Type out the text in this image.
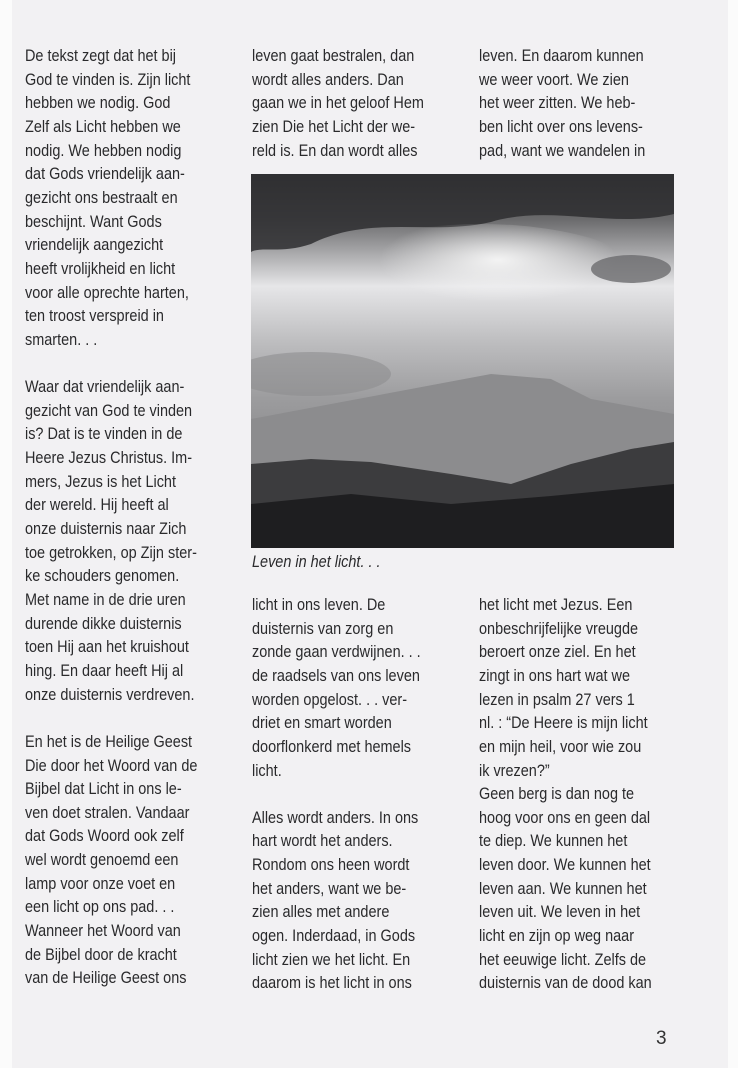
De tekst zegt dat het bij
God te vinden is. Zijn licht
hebben we nodig. God
Zelf als Licht hebben we
nodig. We hebben nodig
dat Gods vriendelijk aan-
gezicht ons bestraalt en
beschijnt. Want Gods
vriendelijk aangezicht
heeft vrolijkheid en licht
voor alle oprechte harten,
ten troost verspreid in
smarten. . .
Waar dat vriendelijk aan-
gezicht van God te vinden
is? Dat is te vinden in de
Heere Jezus Christus. Im-
mers, Jezus is het Licht
der wereld. Hij heeft al
onze duisternis naar Zich
toe getrokken, op Zijn ster-
ke schouders genomen.
Met name in de drie uren
durende dikke duisternis
toen Hij aan het kruishout
hing. En daar heeft Hij al
onze duisternis verdreven.
En het is de Heilige Geest
Die door het Woord van de
Bijbel dat Licht in ons le-
ven doet stralen. Vandaar
dat Gods Woord ook zelf
wel wordt genoemd een
lamp voor onze voet en
een licht op ons pad. . .
Wanneer het Woord van
de Bijbel door de kracht
van de Heilige Geest ons
leven gaat bestralen, dan
wordt alles anders. Dan
gaan we in het geloof Hem
zien Die het Licht der we-
reld is. En dan wordt alles
licht in ons leven. De
duisternis van zorg en
zonde gaan verdwijnen. . .
de raadsels van ons leven
worden opgelost. . . ver-
driet en smart worden
doorflonkerd met hemels
licht.
Alles wordt anders. In ons
hart wordt het anders.
Rondom ons heen wordt
het anders, want we be-
zien alles met andere
ogen. Inderdaad, in Gods
licht zien we het licht. En
daarom is het licht in ons
leven. En daarom kunnen
we weer voort. We zien
het weer zitten. We heb-
ben licht over ons levens-
pad, want we wandelen in
het licht met Jezus. Een
onbeschrijfelijke vreugde
beroert onze ziel. En het
zingt in ons hart wat we
lezen in psalm 27 vers 1
nl. : “De Heere is mijn licht
en mijn heil, voor wie zou
ik vrezen?”
Geen berg is dan nog te
hoog voor ons en geen dal
te diep. We kunnen het
leven door. We kunnen het
leven aan. We kunnen het
leven uit. We leven in het
licht en zijn op weg naar
het eeuwige licht. Zelfs de
duisternis van de dood kan
Leven in het licht. . .
3
